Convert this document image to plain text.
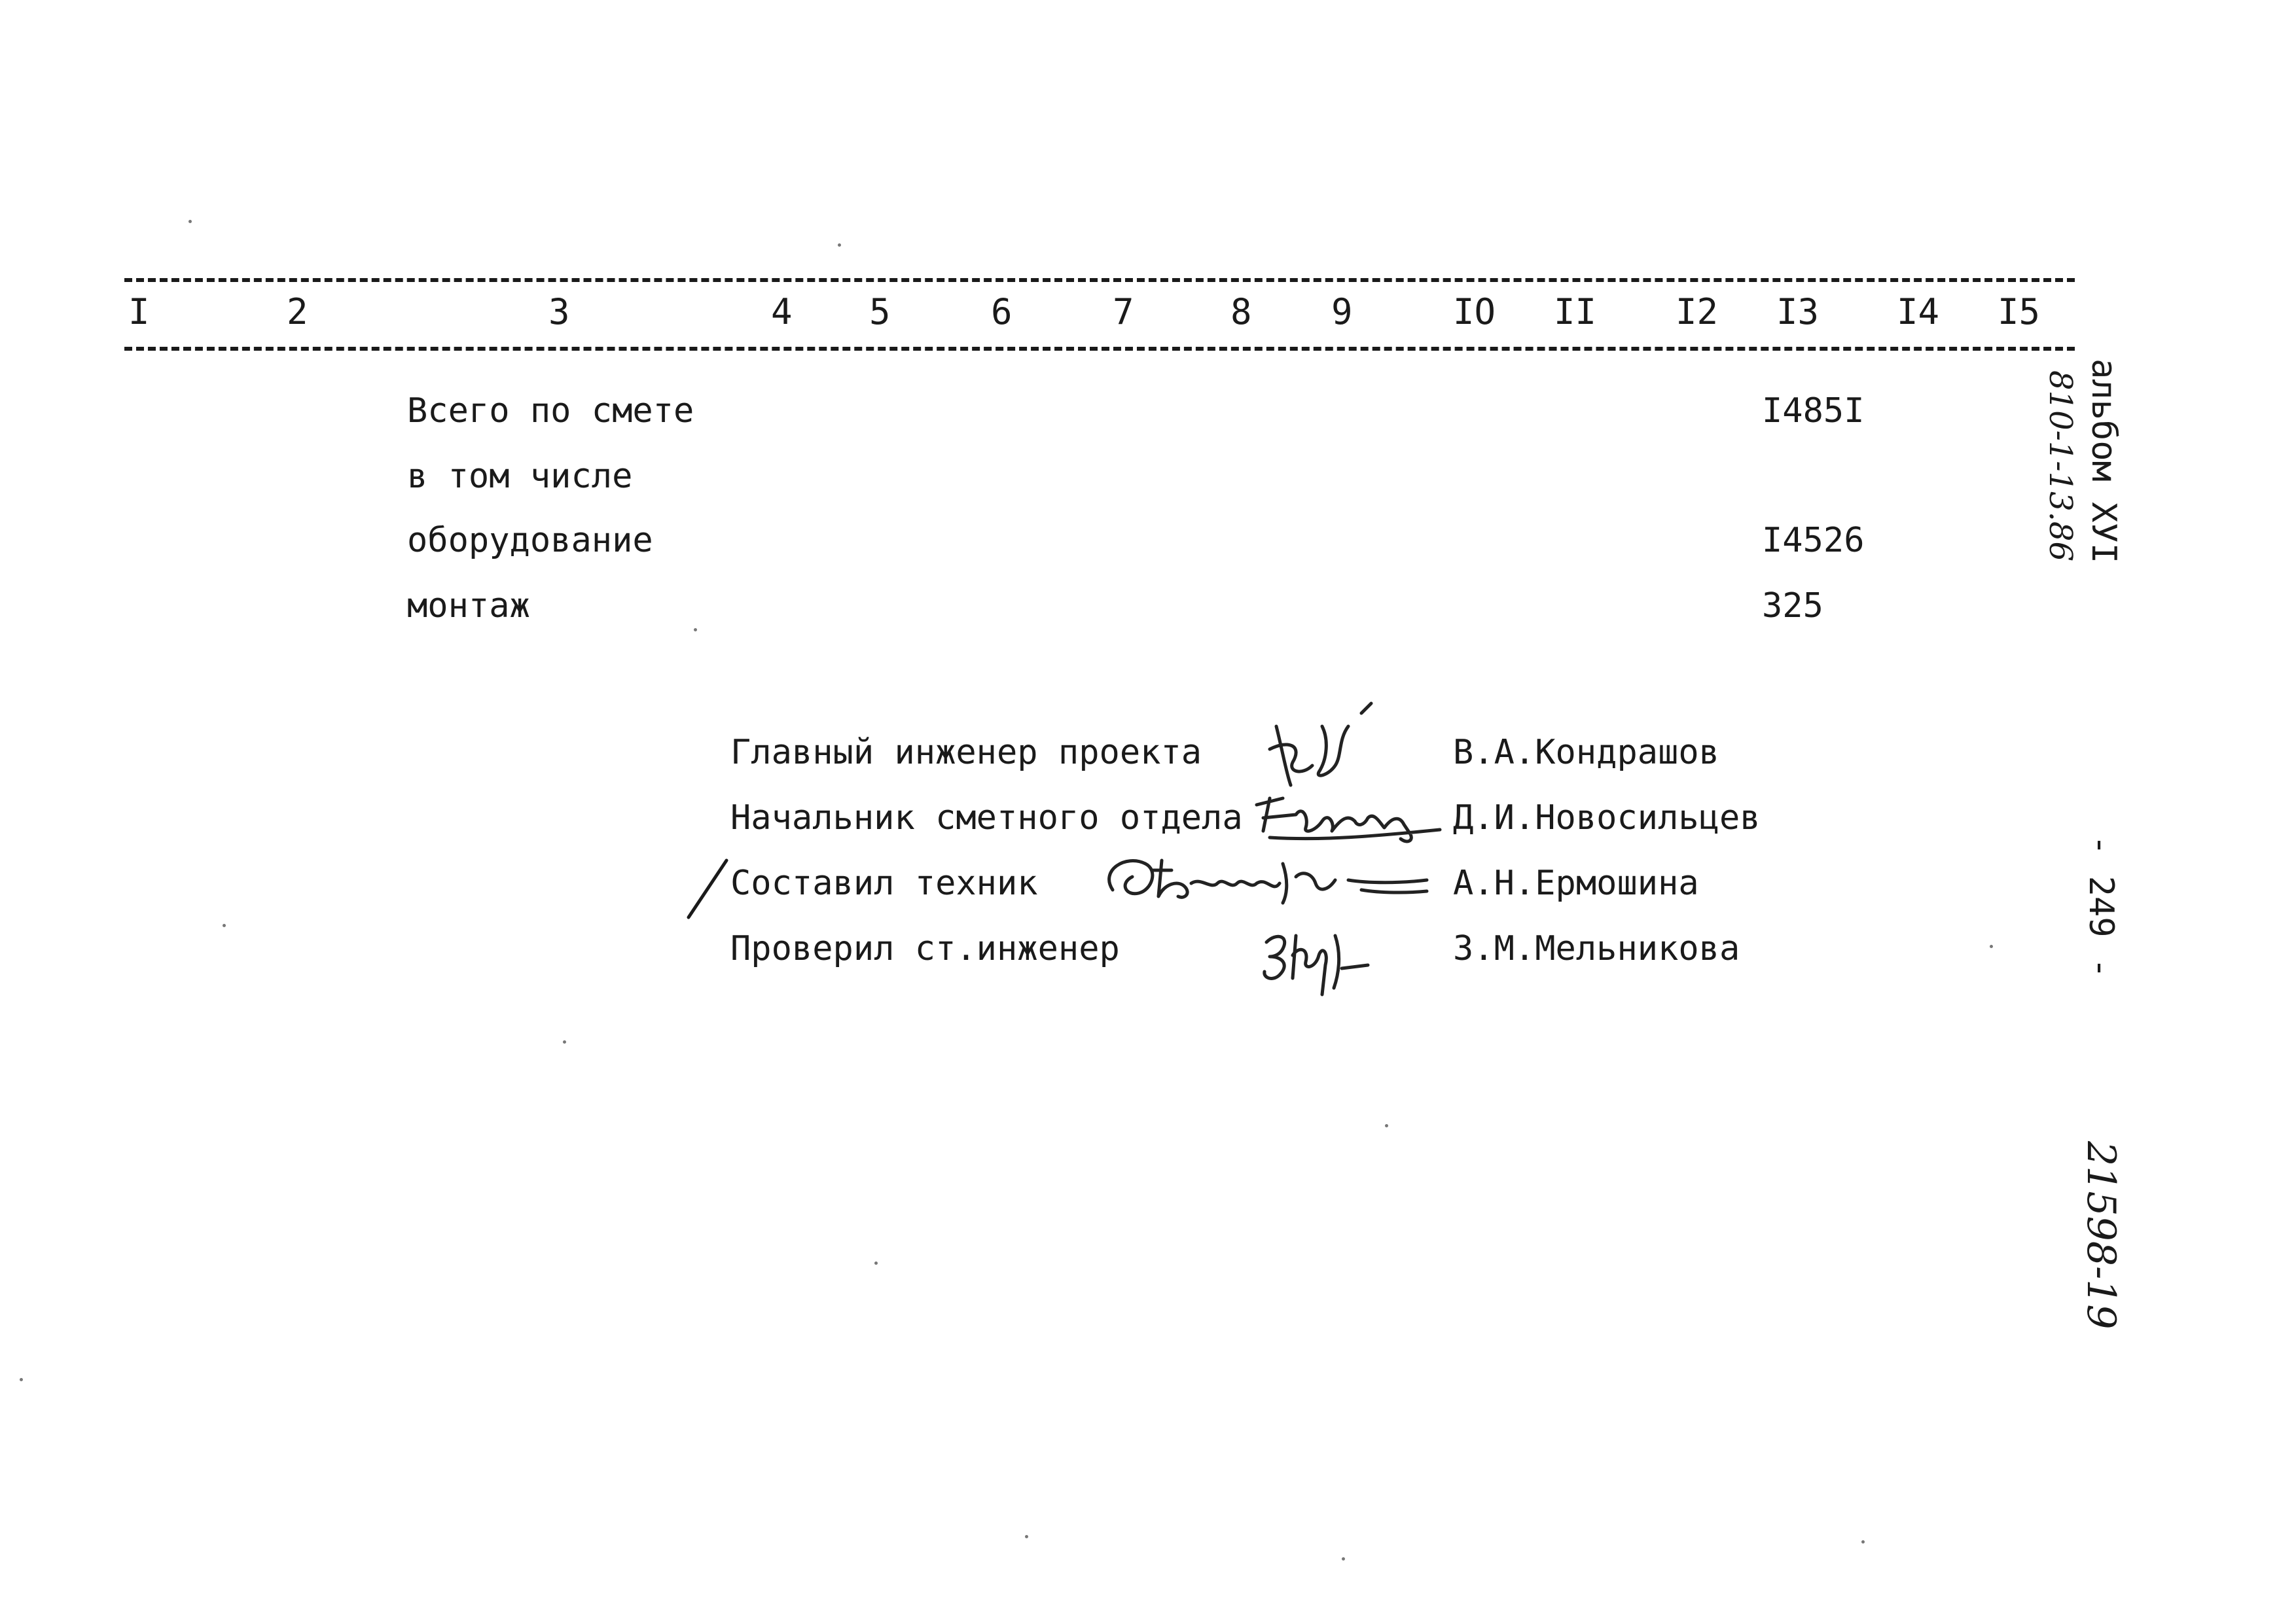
I	2	3	4 5	6	7	8 9	IO II I2 I3 I4 I5
Всего по смете	I485I
в том числе
оборудование	I4526
монтаж	325
Главный инженер проекта	В.А.Кондрашов
Начальник сметного отдела	Д.И.Новосильцев
Составил техник	А.Н.Ермошина
Проверил ст.инженер	З.М.Мельникова
альбом XУI
810-1-13.86
- 249 -
21598-19
